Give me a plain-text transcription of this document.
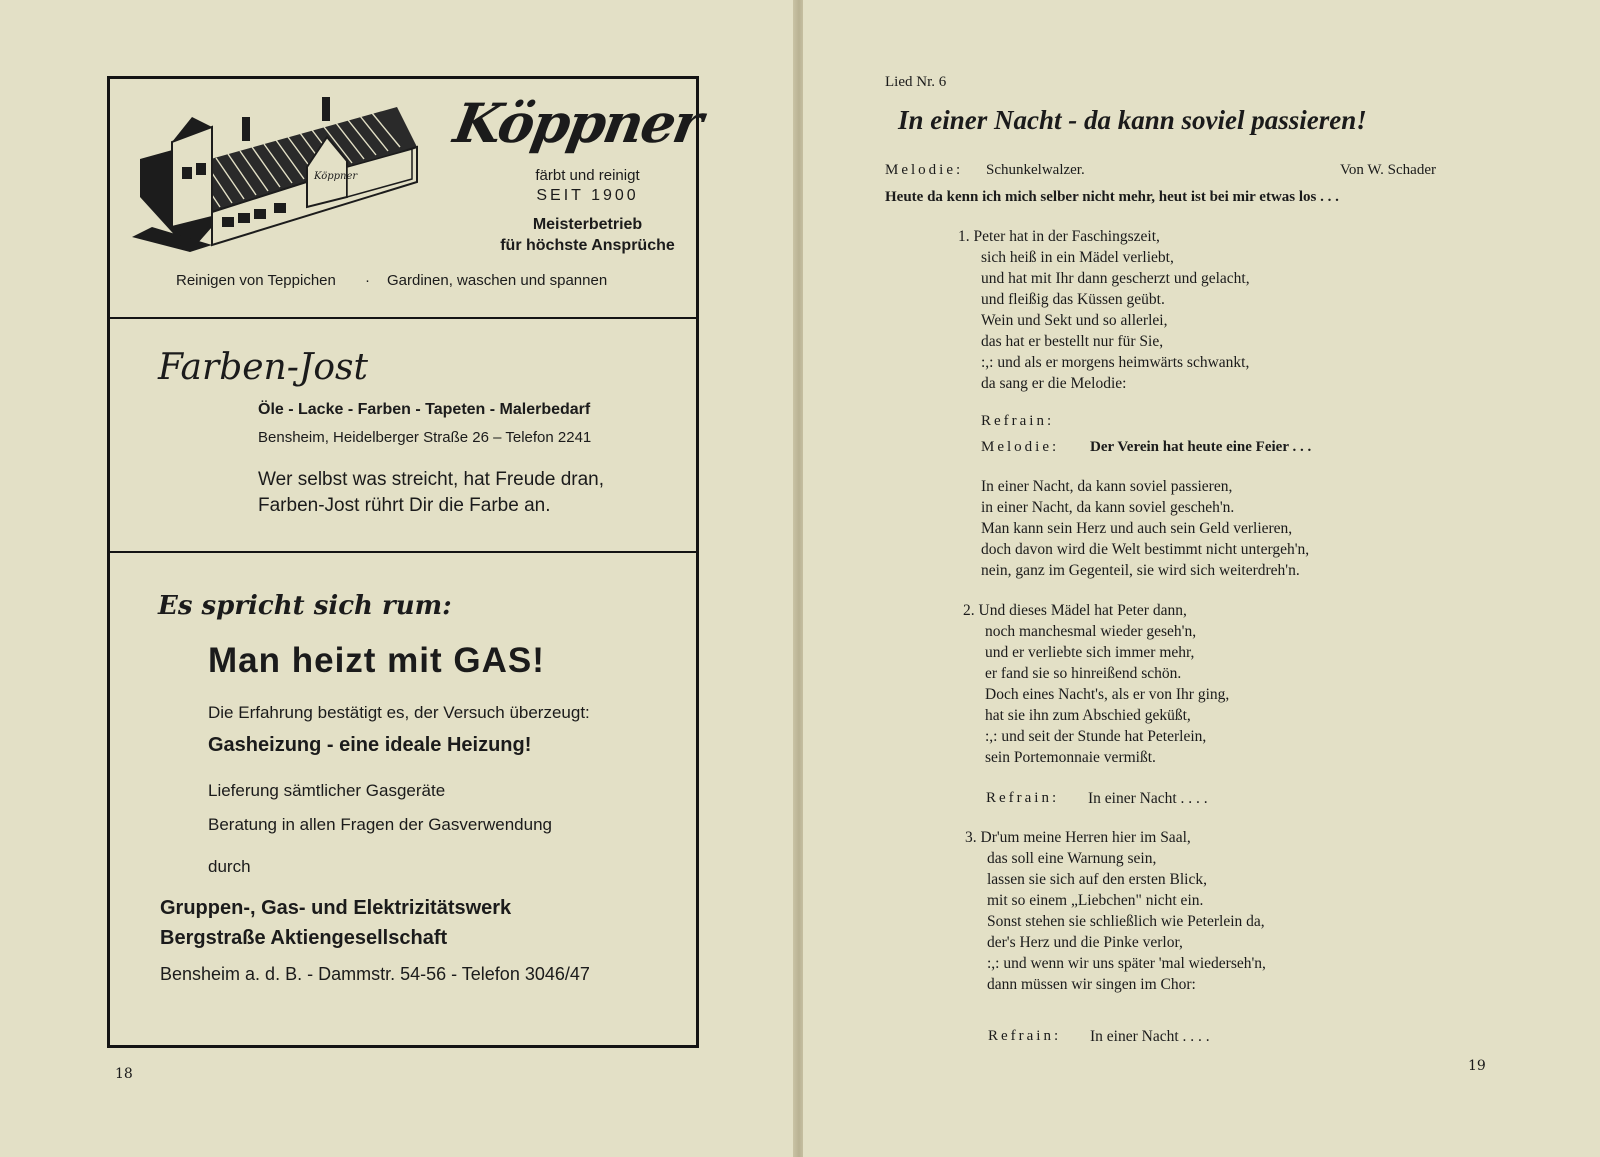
Köppner
Köppner
färbt und reinigt
SEIT 1900
Meisterbetrieb
für höchste Ansprüche
Reinigen von Teppichen · Gardinen, waschen und spannen
Farben-Jost
Öle - Lacke - Farben - Tapeten - Malerbedarf
Bensheim, Heidelberger Straße 26 – Telefon 2241
Wer selbst was streicht, hat Freude dran,
Farben-Jost rührt Dir die Farbe an.
Es spricht sich rum:
Man heizt mit GAS!
Die Erfahrung bestätigt es, der Versuch überzeugt:
Gasheizung - eine ideale Heizung!
Lieferung sämtlicher Gasgeräte
Beratung in allen Fragen der Gasverwendung
durch
Gruppen-, Gas- und Elektrizitätswerk
Bergstraße Aktiengesellschaft
Bensheim a. d. B. - Dammstr. 54-56 - Telefon 3046/47
18
Lied Nr. 6
In einer Nacht - da kann soviel passieren!
Melodie: Schunkelwalzer.	Von W. Schader
Heute da kenn ich mich selber nicht mehr, heut ist bei mir etwas los . . .
1. Peter hat in der Faschingszeit,
sich heiß in ein Mädel verliebt,
und hat mit Ihr dann gescherzt und gelacht,
und fleißig das Küssen geübt.
Wein und Sekt und so allerlei,
das hat er bestellt nur für Sie,
:,: und als er morgens heimwärts schwankt,
da sang er die Melodie:
Refrain:
Melodie: Der Verein hat heute eine Feier . . .
In einer Nacht, da kann soviel passieren,
in einer Nacht, da kann soviel gescheh'n.
Man kann sein Herz und auch sein Geld verlieren,
doch davon wird die Welt bestimmt nicht untergeh'n,
nein, ganz im Gegenteil, sie wird sich weiterdreh'n.
2. Und dieses Mädel hat Peter dann,
noch manchesmal wieder geseh'n,
und er verliebte sich immer mehr,
er fand sie so hinreißend schön.
Doch eines Nacht's, als er von Ihr ging,
hat sie ihn zum Abschied geküßt,
:,: und seit der Stunde hat Peterlein,
sein Portemonnaie vermißt.
Refrain: In einer Nacht . . . .
3. Dr'um meine Herren hier im Saal,
das soll eine Warnung sein,
lassen sie sich auf den ersten Blick,
mit so einem „Liebchen" nicht ein.
Sonst stehen sie schließlich wie Peterlein da,
der's Herz und die Pinke verlor,
:,: und wenn wir uns später 'mal wiederseh'n,
dann müssen wir singen im Chor:
Refrain: In einer Nacht . . . .
19
